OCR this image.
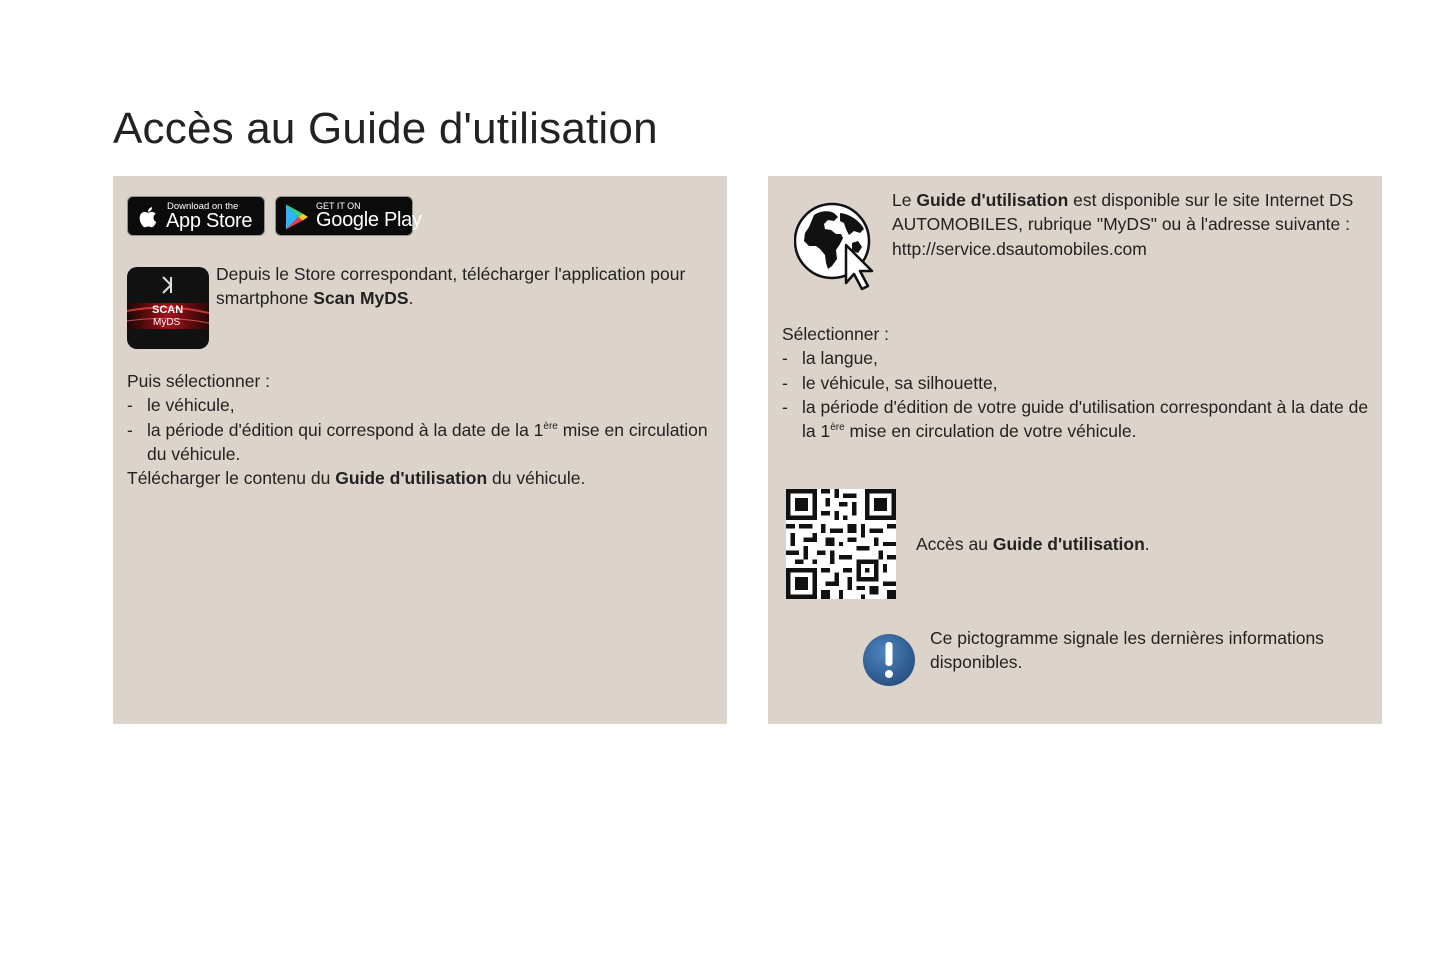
Accès au Guide d'utilisation
Download on the
App Store
GET IT ON
Google Play
SCAN
MyDS
Depuis le Store correspondant, télécharger l'application pour smartphone Scan MyDS.
Puis sélectionner :
- le véhicule,
- la période d'édition qui correspond à la date de la 1ère mise en circulation du véhicule.
Télécharger le contenu du Guide d'utilisation du véhicule.
Le Guide d'utilisation est disponible sur le site Internet DS AUTOMOBILES, rubrique "MyDS" ou à l'adresse suivante :
http://service.dsautomobiles.com
Sélectionner :
- la langue,
- le véhicule, sa silhouette,
- la période d'édition de votre guide d'utilisation correspondant à la date de la 1ère mise en circulation de votre véhicule.
Accès au Guide d'utilisation.
Ce pictogramme signale les dernières informations disponibles.
